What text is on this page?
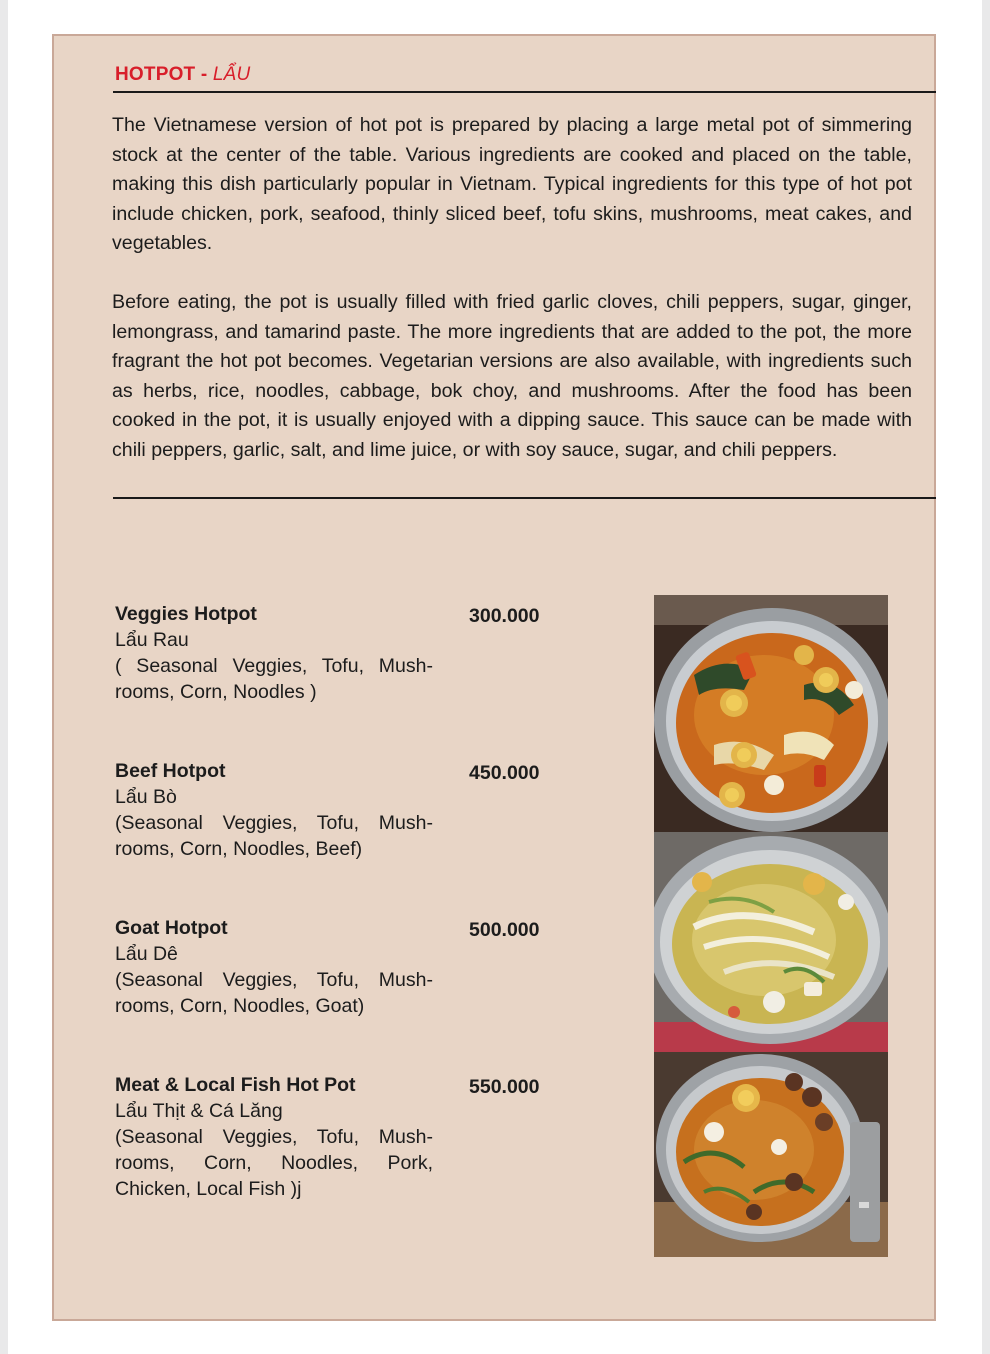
HOTPOT - LẨU

The Vietnamese version of hot pot is prepared by placing a large metal pot of simmering stock at the center of the table. Various ingredients are cooked and placed on the table, making this dish particularly popular in Vietnam. Typical ingredients for this type of hot pot include chicken, pork, seafood, thinly sliced beef, tofu skins, mushrooms, meat cakes, and vegetables.

Before eating, the pot is usually filled with fried garlic cloves, chili peppers, sugar, ginger, lemongrass, and tamarind paste. The more ingredients that are added to the pot, the more fragrant the hot pot becomes. Vegetarian versions are also available, with ingredients such as herbs, rice, noodles, cabbage, bok choy, and mushrooms. After the food has been cooked in the pot, it is usually enjoyed with a dipping sauce. This sauce can be made with chili peppers, garlic, salt, and lime juice, or with soy sauce, sugar, and chili peppers.

Veggies Hotpot
Lẩu Rau
( Seasonal Veggies, Tofu, Mushrooms, Corn, Noodles )
300.000
Beef Hotpot
Lẩu Bò
(Seasonal Veggies, Tofu, Mushrooms, Corn, Noodles, Beef)
450.000
Goat Hotpot
Lẩu Dê
(Seasonal Veggies, Tofu, Mushrooms, Corn, Noodles, Goat)
500.000
Meat & Local Fish Hot Pot
Lẩu Thịt & Cá Lăng
(Seasonal Veggies, Tofu, Mushrooms, Corn, Noodles, Pork, Chicken, Local Fish )j
550.000
